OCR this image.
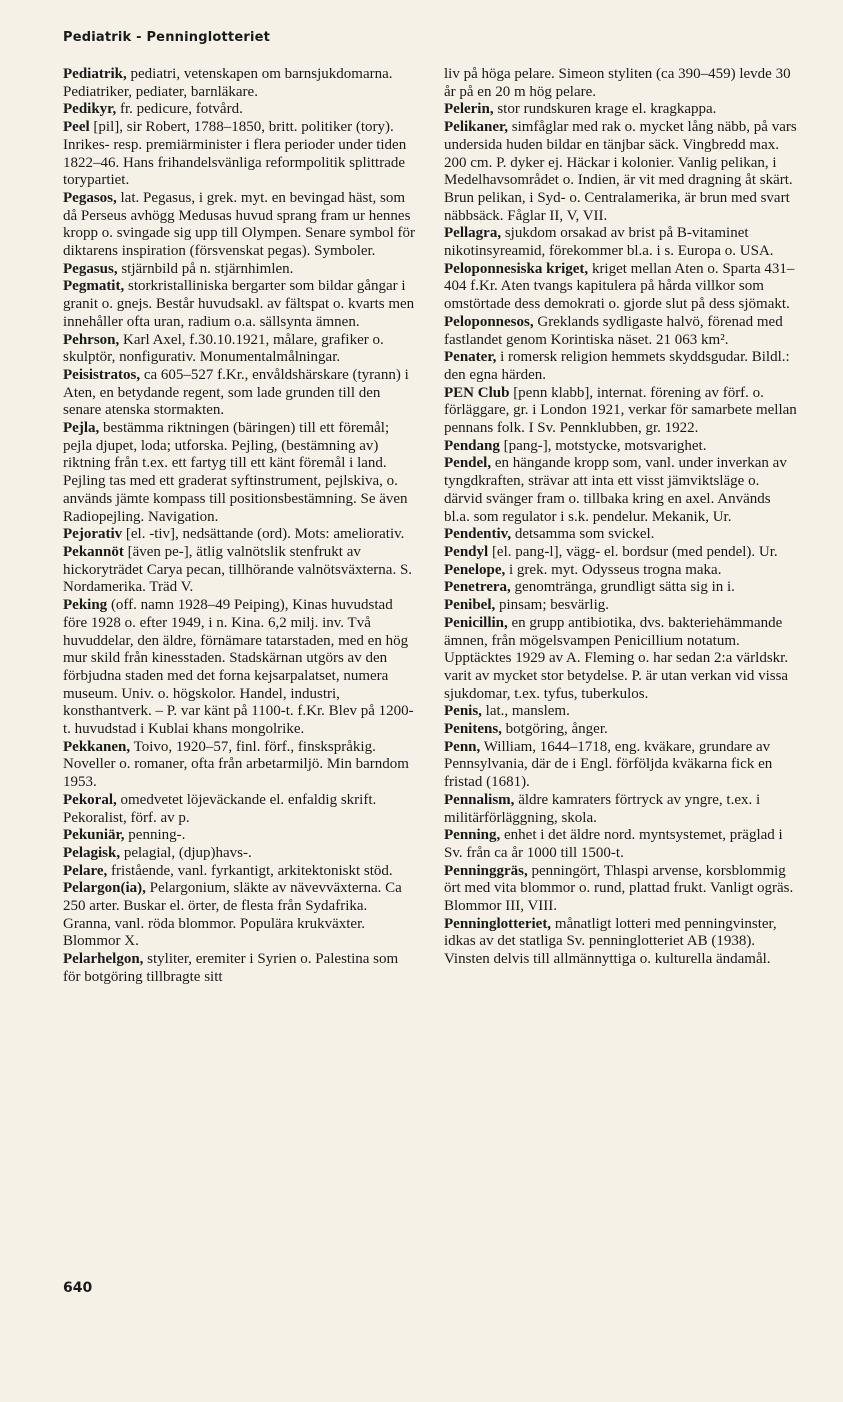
Pediatrik - Penninglotteriet

Pediatrik, pediatri, vetenskapen om barnsjukdomarna. Pediatriker, pediater, barnläkare.

Pedikyr, fr. pedicure, fotvård.

Peel [pil], sir Robert, 1788–1850, britt. politiker (tory). Inrikes- resp. premiärminister i flera perioder under tiden 1822–46. Hans frihandelsvänliga reformpolitik splittrade torypartiet.

Pegasos, lat. Pegasus, i grek. myt. en bevingad häst, som då Perseus avhögg Medusas huvud sprang fram ur hennes kropp o. svingade sig upp till Olympen. Senare symbol för diktarens inspiration (försvenskat pegas). Symboler.

Pegasus, stjärnbild på n. stjärnhimlen.

Pegmatit, storkristalliniska bergarter som bildar gångar i granit o. gnejs. Består huvudsakl. av fältspat o. kvarts men innehåller ofta uran, radium o.a. sällsynta ämnen.

Pehrson, Karl Axel, f.30.10.1921, målare, grafiker o. skulptör, nonfigurativ. Monumentalmålningar.

Peisistratos, ca 605–527 f.Kr., envåldshärskare (tyrann) i Aten, en betydande regent, som lade grunden till den senare atenska stormakten.

Pejla, bestämma riktningen (bäringen) till ett föremål; pejla djupet, loda; utforska. Pejling, (bestämning av) riktning från t.ex. ett fartyg till ett känt föremål i land. Pejling tas med ett graderat syftinstrument, pejlskiva, o. används jämte kompass till positionsbestämning. Se även Radiopejling. Navigation.

Pejorativ [el. -tiv], nedsättande (ord). Mots: ameliorativ.

Pekannöt [även pe-], ätlig valnötslik stenfrukt av hickoryträdet Carya pecan, tillhörande valnötsväxterna. S. Nordamerika. Träd V.

Peking (off. namn 1928–49 Peiping), Kinas huvudstad före 1928 o. efter 1949, i n. Kina. 6,2 milj. inv. Två huvuddelar, den äldre, förnämare tatarstaden, med en hög mur skild från kinesstaden. Stadskärnan utgörs av den förbjudna staden med det forna kejsarpalatset, numera museum. Univ. o. högskolor. Handel, industri, konsthantverk. – P. var känt på 1100-t. f.Kr. Blev på 1200-t. huvudstad i Kublai khans mongolrike.

Pekkanen, Toivo, 1920–57, finl. förf., finskspråkig. Noveller o. romaner, ofta från arbetarmiljö. Min barndom 1953.

Pekoral, omedvetet löjeväckande el. enfaldig skrift. Pekoralist, förf. av p.

Pekuniär, penning-.

Pelagisk, pelagial, (djup)havs-.

Pelare, fristående, vanl. fyrkantigt, arkitektoniskt stöd.

Pelargon(ia), Pelargonium, släkte av nävevväxterna. Ca 250 arter. Buskar el. örter, de flesta från Sydafrika. Granna, vanl. röda blommor. Populära krukväxter. Blommor X.

Pelarhelgon, styliter, eremiter i Syrien o. Palestina som för botgöring tillbragte sitt

liv på höga pelare. Simeon styliten (ca 390–459) levde 30 år på en 20 m hög pelare.

Pelerin, stor rundskuren krage el. kragkappa.

Pelikaner, simfåglar med rak o. mycket lång näbb, på vars undersida huden bildar en tänjbar säck. Vingbredd max. 200 cm. P. dyker ej. Häckar i kolonier. Vanlig pelikan, i Medelhavsområdet o. Indien, är vit med dragning åt skärt. Brun pelikan, i Syd- o. Centralamerika, är brun med svart näbbsäck. Fåglar II, V, VII.

Pellagra, sjukdom orsakad av brist på B-vitaminet nikotinsyreamid, förekommer bl.a. i s. Europa o. USA.

Peloponnesiska kriget, kriget mellan Aten o. Sparta 431–404 f.Kr. Aten tvangs kapitulera på hårda villkor som omstörtade dess demokrati o. gjorde slut på dess sjömakt.

Peloponnesos, Greklands sydligaste halvö, förenad med fastlandet genom Korintiska näset. 21 063 km².

Penater, i romersk religion hemmets skyddsgudar. Bildl.: den egna härden.

PEN Club [penn klabb], internat. förening av förf. o. förläggare, gr. i London 1921, verkar för samarbete mellan pennans folk. I Sv. Pennklubben, gr. 1922.

Pendang [pang-], motstycke, motsvarighet.

Pendel, en hängande kropp som, vanl. under inverkan av tyngdkraften, strävar att inta ett visst jämviktsläge o. därvid svänger fram o. tillbaka kring en axel. Används bl.a. som regulator i s.k. pendelur. Mekanik, Ur.

Pendentiv, detsamma som svickel.

Pendyl [el. pang-l], vägg- el. bordsur (med pendel). Ur.

Penelope, i grek. myt. Odysseus trogna maka.

Penetrera, genomtränga, grundligt sätta sig in i.

Penibel, pinsam; besvärlig.

Penicillin, en grupp antibiotika, dvs. bakteriehämmande ämnen, från mögelsvampen Penicillium notatum. Upptäcktes 1929 av A. Fleming o. har sedan 2:a världskr. varit av mycket stor betydelse. P. är utan verkan vid vissa sjukdomar, t.ex. tyfus, tuberkulos.

Penis, lat., manslem.

Penitens, botgöring, ånger.

Penn, William, 1644–1718, eng. kväkare, grundare av Pennsylvania, där de i Engl. förföljda kväkarna fick en fristad (1681).

Pennalism, äldre kamraters förtryck av yngre, t.ex. i militärförläggning, skola.

Penning, enhet i det äldre nord. myntsystemet, präglad i Sv. från ca år 1000 till 1500-t.

Penninggräs, penningört, Thlaspi arvense, korsblommig ört med vita blommor o. rund, plattad frukt. Vanligt ogräs. Blommor III, VIII.

Penninglotteriet, månatligt lotteri med penningvinster, idkas av det statliga Sv. penninglotteriet AB (1938). Vinsten delvis till allmännyttiga o. kulturella ändamål.

640
